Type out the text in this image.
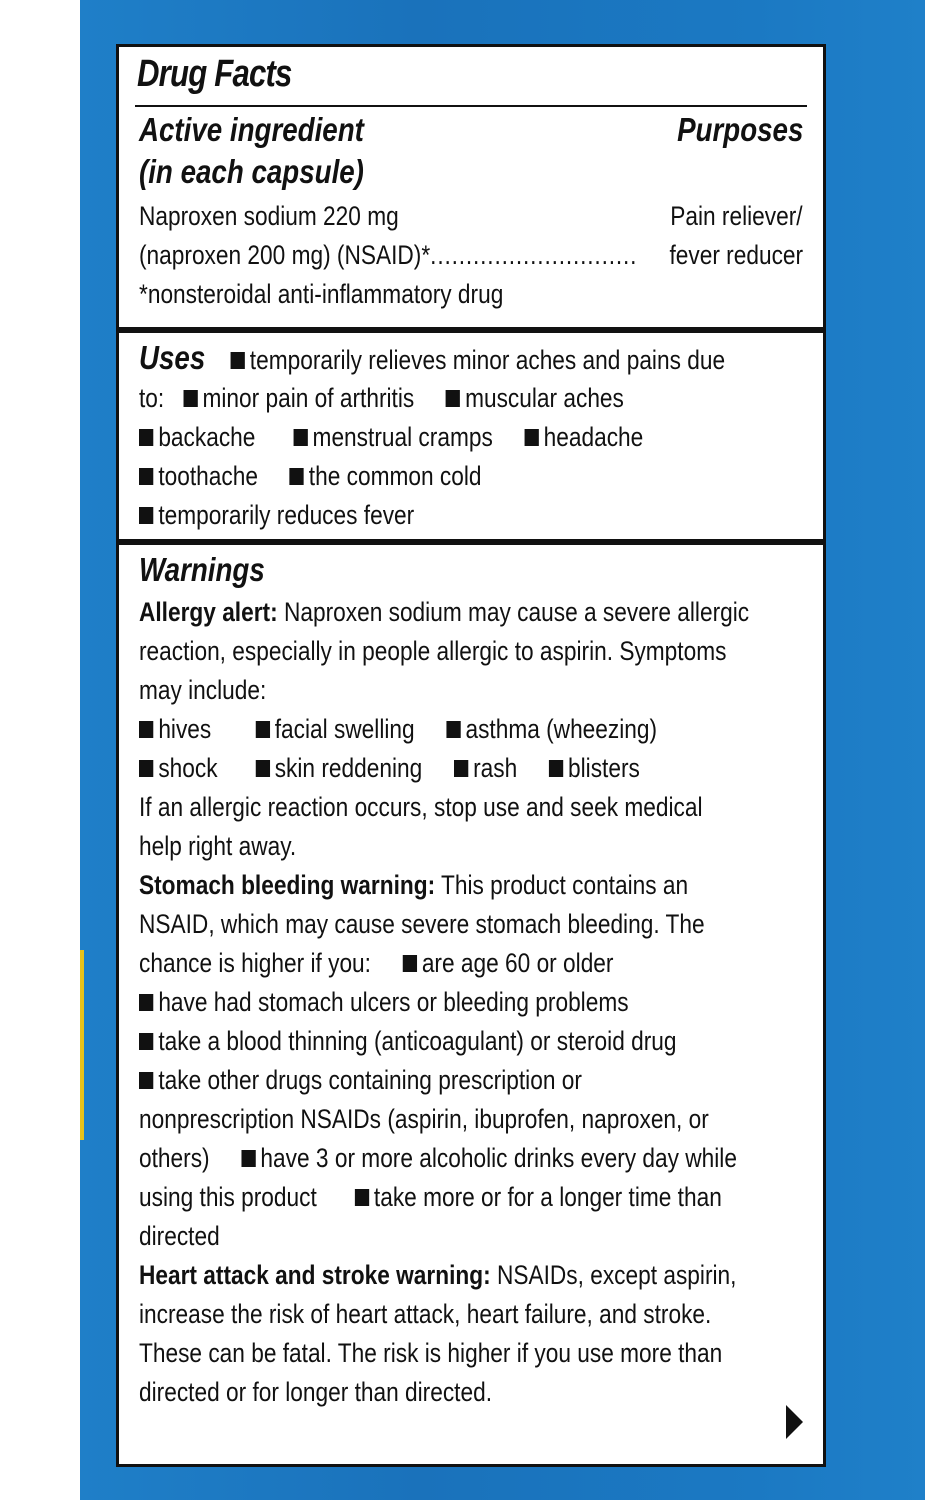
Drug Facts
Active ingredient	Purposes
(in each capsule)
Naproxen sodium 220 mg	Pain reliever/
(naproxen 200 mg) (NSAID)*............................. fever reducer
*nonsteroidal anti-inflammatory drug
Uses temporarily relieves minor aches and pains due
to: minor pain of arthritis muscular aches
backache menstrual cramps headache
toothache the common cold
temporarily reduces fever
Warnings
Allergy alert: Naproxen sodium may cause a severe allergic
reaction, especially in people allergic to aspirin. Symptoms
may include:
hives facial swelling asthma (wheezing)
shock skin reddening rash blisters
If an allergic reaction occurs, stop use and seek medical
help right away.
Stomach bleeding warning: This product contains an
NSAID, which may cause severe stomach bleeding. The
chance is higher if you: are age 60 or older
have had stomach ulcers or bleeding problems
take a blood thinning (anticoagulant) or steroid drug
take other drugs containing prescription or
nonprescription NSAIDs (aspirin, ibuprofen, naproxen, or
others) have 3 or more alcoholic drinks every day while
using this product take more or for a longer time than
directed
Heart attack and stroke warning: NSAIDs, except aspirin,
increase the risk of heart attack, heart failure, and stroke.
These can be fatal. The risk is higher if you use more than
directed or for longer than directed.
